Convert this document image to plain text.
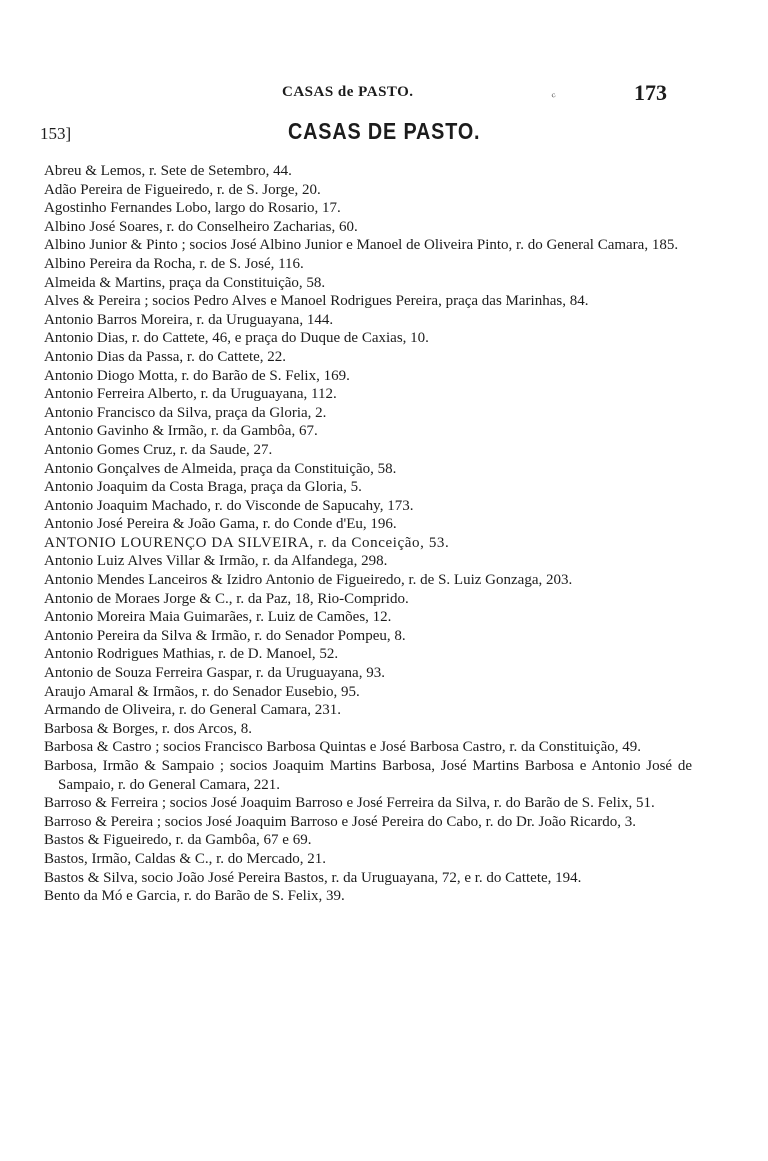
CASAS de PASTO.	ᶜ	173
153]	CASAS DE PASTO.
Abreu & Lemos, r. Sete de Setembro, 44.
Adão Pereira de Figueiredo, r. de S. Jorge, 20.
Agostinho Fernandes Lobo, largo do Rosario, 17.
Albino José Soares, r. do Conselheiro Zacharias, 60.
Albino Junior & Pinto ; socios José Albino Junior e Manoel de Oliveira Pinto, r. do General Camara, 185.
Albino Pereira da Rocha, r. de S. José, 116.
Almeida & Martins, praça da Constituição, 58.
Alves & Pereira ; socios Pedro Alves e Manoel Rodrigues Pereira, praça das Marinhas, 84.
Antonio Barros Moreira, r. da Uruguayana, 144.
Antonio Dias, r. do Cattete, 46, e praça do Duque de Caxias, 10.
Antonio Dias da Passa, r. do Cattete, 22.
Antonio Diogo Motta, r. do Barão de S. Felix, 169.
Antonio Ferreira Alberto, r. da Uruguayana, 112.
Antonio Francisco da Silva, praça da Gloria, 2.
Antonio Gavinho & Irmão, r. da Gambôa, 67.
Antonio Gomes Cruz, r. da Saude, 27.
Antonio Gonçalves de Almeida, praça da Constituição, 58.
Antonio Joaquim da Costa Braga, praça da Gloria, 5.
Antonio Joaquim Machado, r. do Visconde de Sapucahy, 173.
Antonio José Pereira & João Gama, r. do Conde d'Eu, 196.
ANTONIO LOURENÇO DA SILVEIRA, r. da Conceição, 53.
Antonio Luiz Alves Villar & Irmão, r. da Alfandega, 298.
Antonio Mendes Lanceiros & Izidro Antonio de Figueiredo, r. de S. Luiz Gonzaga, 203.
Antonio de Moraes Jorge & C., r. da Paz, 18, Rio-Comprido.
Antonio Moreira Maia Guimarães, r. Luiz de Camões, 12.
Antonio Pereira da Silva & Irmão, r. do Senador Pompeu, 8.
Antonio Rodrigues Mathias, r. de D. Manoel, 52.
Antonio de Souza Ferreira Gaspar, r. da Uruguayana, 93.
Araujo Amaral & Irmãos, r. do Senador Eusebio, 95.
Armando de Oliveira, r. do General Camara, 231.
Barbosa & Borges, r. dos Arcos, 8.
Barbosa & Castro ; socios Francisco Barbosa Quintas e José Barbosa Castro, r. da Constituição, 49.
Barbosa, Irmão & Sampaio ; socios Joaquim Martins Barbosa, José Martins Barbosa e Antonio José de Sampaio, r. do General Camara, 221.
Barroso & Ferreira ; socios José Joaquim Barroso e José Ferreira da Silva, r. do Barão de S. Felix, 51.
Barroso & Pereira ; socios José Joaquim Barroso e José Pereira do Cabo, r. do Dr. João Ricardo, 3.
Bastos & Figueiredo, r. da Gambôa, 67 e 69.
Bastos, Irmão, Caldas & C., r. do Mercado, 21.
Bastos & Silva, socio João José Pereira Bastos, r. da Uruguayana, 72, e r. do Cattete, 194.
Bento da Mó e Garcia, r. do Barão de S. Felix, 39.
